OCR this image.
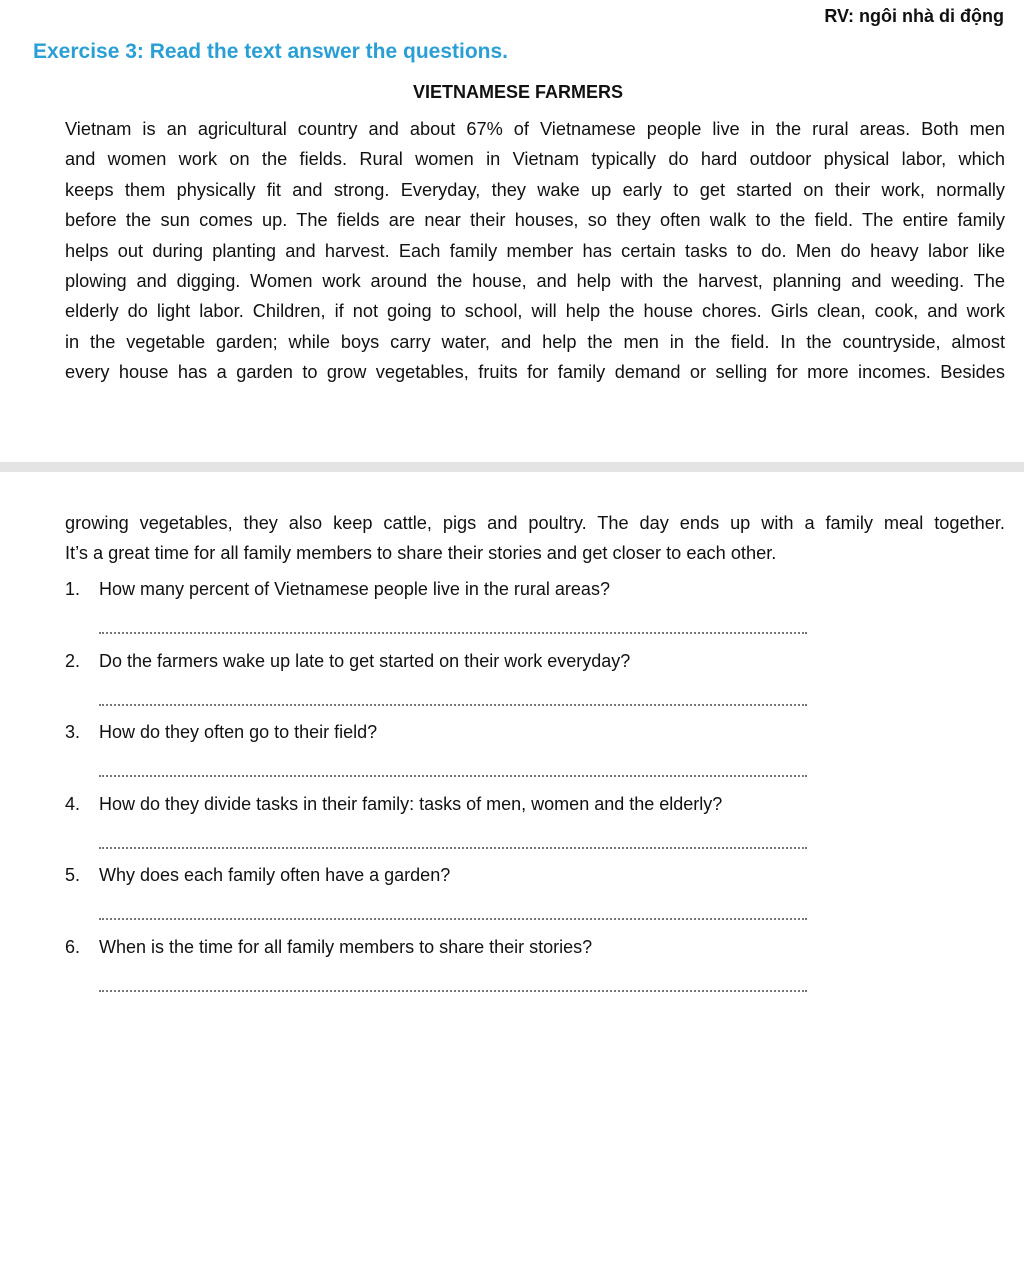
RV: ngôi nhà di động
Exercise 3: Read the text answer the questions.
VIETNAMESE FARMERS
Vietnam is an agricultural country and about 67% of Vietnamese people live in the rural areas. Both men
and women work on the fields. Rural women in Vietnam typically do hard outdoor physical labor, which
keeps them physically fit and strong. Everyday, they wake up early to get started on their work, normally
before the sun comes up. The fields are near their houses, so they often walk to the field. The entire family
helps out during planting and harvest. Each family member has certain tasks to do. Men do heavy labor like
plowing and digging. Women work around the house, and help with the harvest, planning and weeding. The
elderly do light labor. Children, if not going to school, will help the house chores. Girls clean, cook, and work
in the vegetable garden; while boys carry water, and help the men in the field. In the countryside, almost
every house has a garden to grow vegetables, fruits for family demand or selling for more incomes. Besides
growing vegetables, they also keep cattle, pigs and poultry. The day ends up with a family meal together.
It’s a great time for all family members to share their stories and get closer to each other.
1. How many percent of Vietnamese people live in the rural areas?
2. Do the farmers wake up late to get started on their work everyday?
3. How do they often go to their field?
4. How do they divide tasks in their family: tasks of men, women and the elderly?
5. Why does each family often have a garden?
6. When is the time for all family members to share their stories?
